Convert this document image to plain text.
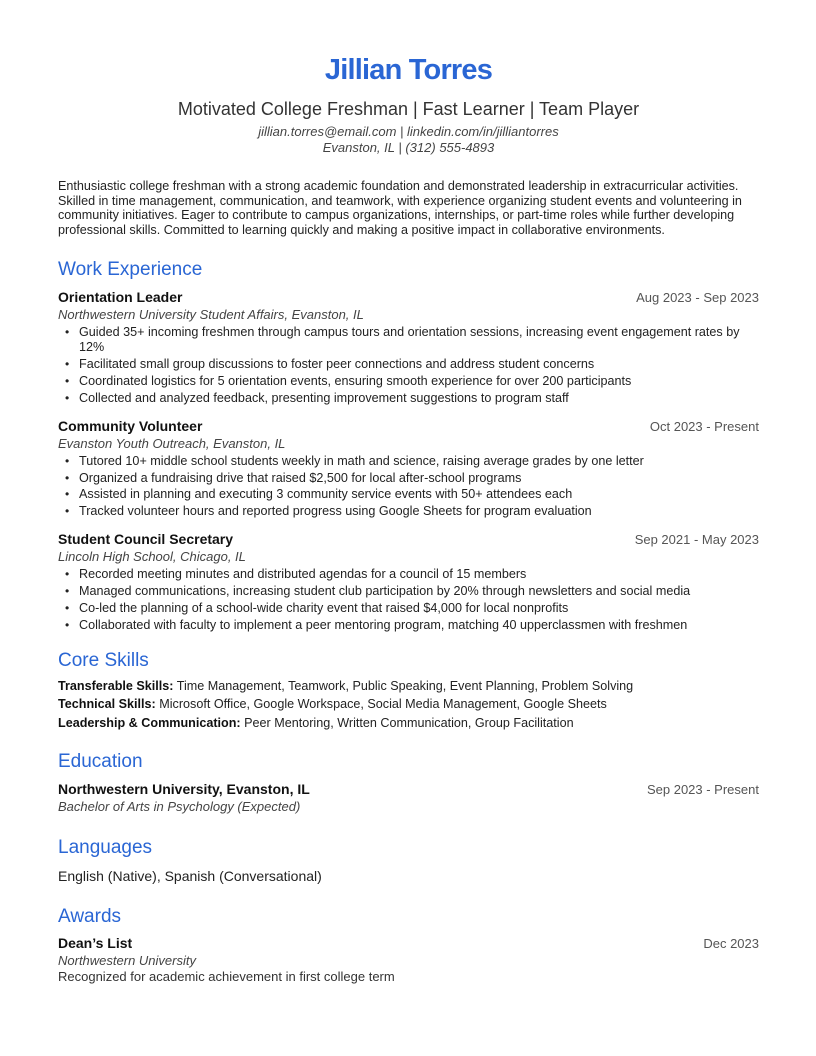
Jillian Torres
Motivated College Freshman | Fast Learner | Team Player
jillian.torres@email.com | linkedin.com/in/jilliantorres
Evanston, IL | (312) 555-4893

Enthusiastic college freshman with a strong academic foundation and demonstrated leadership in extracurricular activities. Skilled in time management, communication, and teamwork, with experience organizing student events and volunteering in community initiatives. Eager to contribute to campus organizations, internships, or part-time roles while further developing professional skills. Committed to learning quickly and making a positive impact in collaborative environments.

Work Experience
Orientation Leader	Aug 2023 - Sep 2023
Northwestern University Student Affairs, Evanston, IL
• Guided 35+ incoming freshmen through campus tours and orientation sessions, increasing event engagement rates by 12%
• Facilitated small group discussions to foster peer connections and address student concerns
• Coordinated logistics for 5 orientation events, ensuring smooth experience for over 200 participants
• Collected and analyzed feedback, presenting improvement suggestions to program staff
Community Volunteer	Oct 2023 - Present
Evanston Youth Outreach, Evanston, IL
• Tutored 10+ middle school students weekly in math and science, raising average grades by one letter
• Organized a fundraising drive that raised $2,500 for local after-school programs
• Assisted in planning and executing 3 community service events with 50+ attendees each
• Tracked volunteer hours and reported progress using Google Sheets for program evaluation
Student Council Secretary	Sep 2021 - May 2023
Lincoln High School, Chicago, IL
• Recorded meeting minutes and distributed agendas for a council of 15 members
• Managed communications, increasing student club participation by 20% through newsletters and social media
• Co-led the planning of a school-wide charity event that raised $4,000 for local nonprofits
• Collaborated with faculty to implement a peer mentoring program, matching 40 upperclassmen with freshmen
Core Skills
Transferable Skills: Time Management, Teamwork, Public Speaking, Event Planning, Problem Solving
Technical Skills: Microsoft Office, Google Workspace, Social Media Management, Google Sheets
Leadership & Communication: Peer Mentoring, Written Communication, Group Facilitation
Education
Northwestern University, Evanston, IL	Sep 2023 - Present
Bachelor of Arts in Psychology (Expected)
Languages
English (Native), Spanish (Conversational)
Awards
Dean’s List	Dec 2023
Northwestern University
Recognized for academic achievement in first college term
